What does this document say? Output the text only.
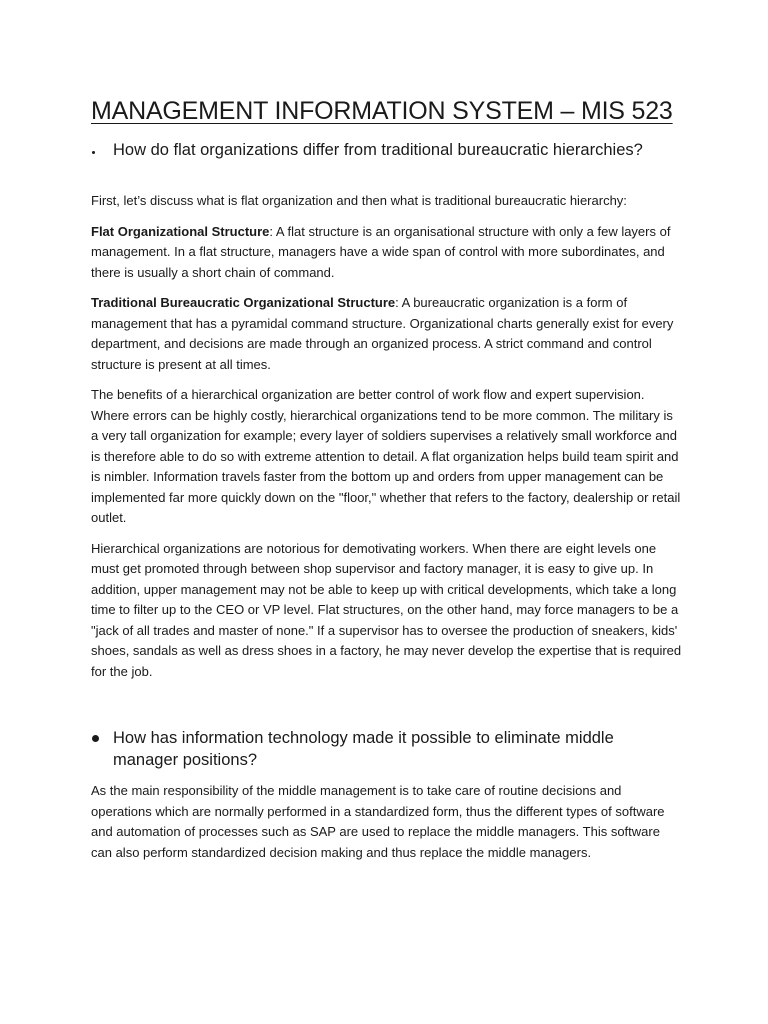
MANAGEMENT INFORMATION SYSTEM – MIS 523
How do flat organizations differ from traditional bureaucratic hierarchies?

First, let’s discuss what is flat organization and then what is traditional bureaucratic hierarchy:

Flat Organizational Structure: A flat structure is an organisational structure with only a few layers of management. In a flat structure, managers have a wide span of control with more subordinates, and there is usually a short chain of command.

Traditional Bureaucratic Organizational Structure: A bureaucratic organization is a form of management that has a pyramidal command structure. Organizational charts generally exist for every department, and decisions are made through an organized process. A strict command and control structure is present at all times.

The benefits of a hierarchical organization are better control of work flow and expert supervision. Where errors can be highly costly, hierarchical organizations tend to be more common. The military is a very tall organization for example; every layer of soldiers supervises a relatively small workforce and is therefore able to do so with extreme attention to detail. A flat organization helps build team spirit and is nimbler. Information travels faster from the bottom up and orders from upper management can be implemented far more quickly down on the "floor," whether that refers to the factory, dealership or retail outlet.

Hierarchical organizations are notorious for demotivating workers. When there are eight levels one must get promoted through between shop supervisor and factory manager, it is easy to give up. In addition, upper management may not be able to keep up with critical developments, which take a long time to filter up to the CEO or VP level. Flat structures, on the other hand, may force managers to be a "jack of all trades and master of none." If a supervisor has to oversee the production of sneakers, kids' shoes, sandals as well as dress shoes in a factory, he may never develop the expertise that is required for the job.

How has information technology made it possible to eliminate middle manager positions?

As the main responsibility of the middle management is to take care of routine decisions and operations which are normally performed in a standardized form, thus the different types of software and automation of processes such as SAP are used to replace the middle managers. This software can also perform standardized decision making and thus replace the middle managers.
